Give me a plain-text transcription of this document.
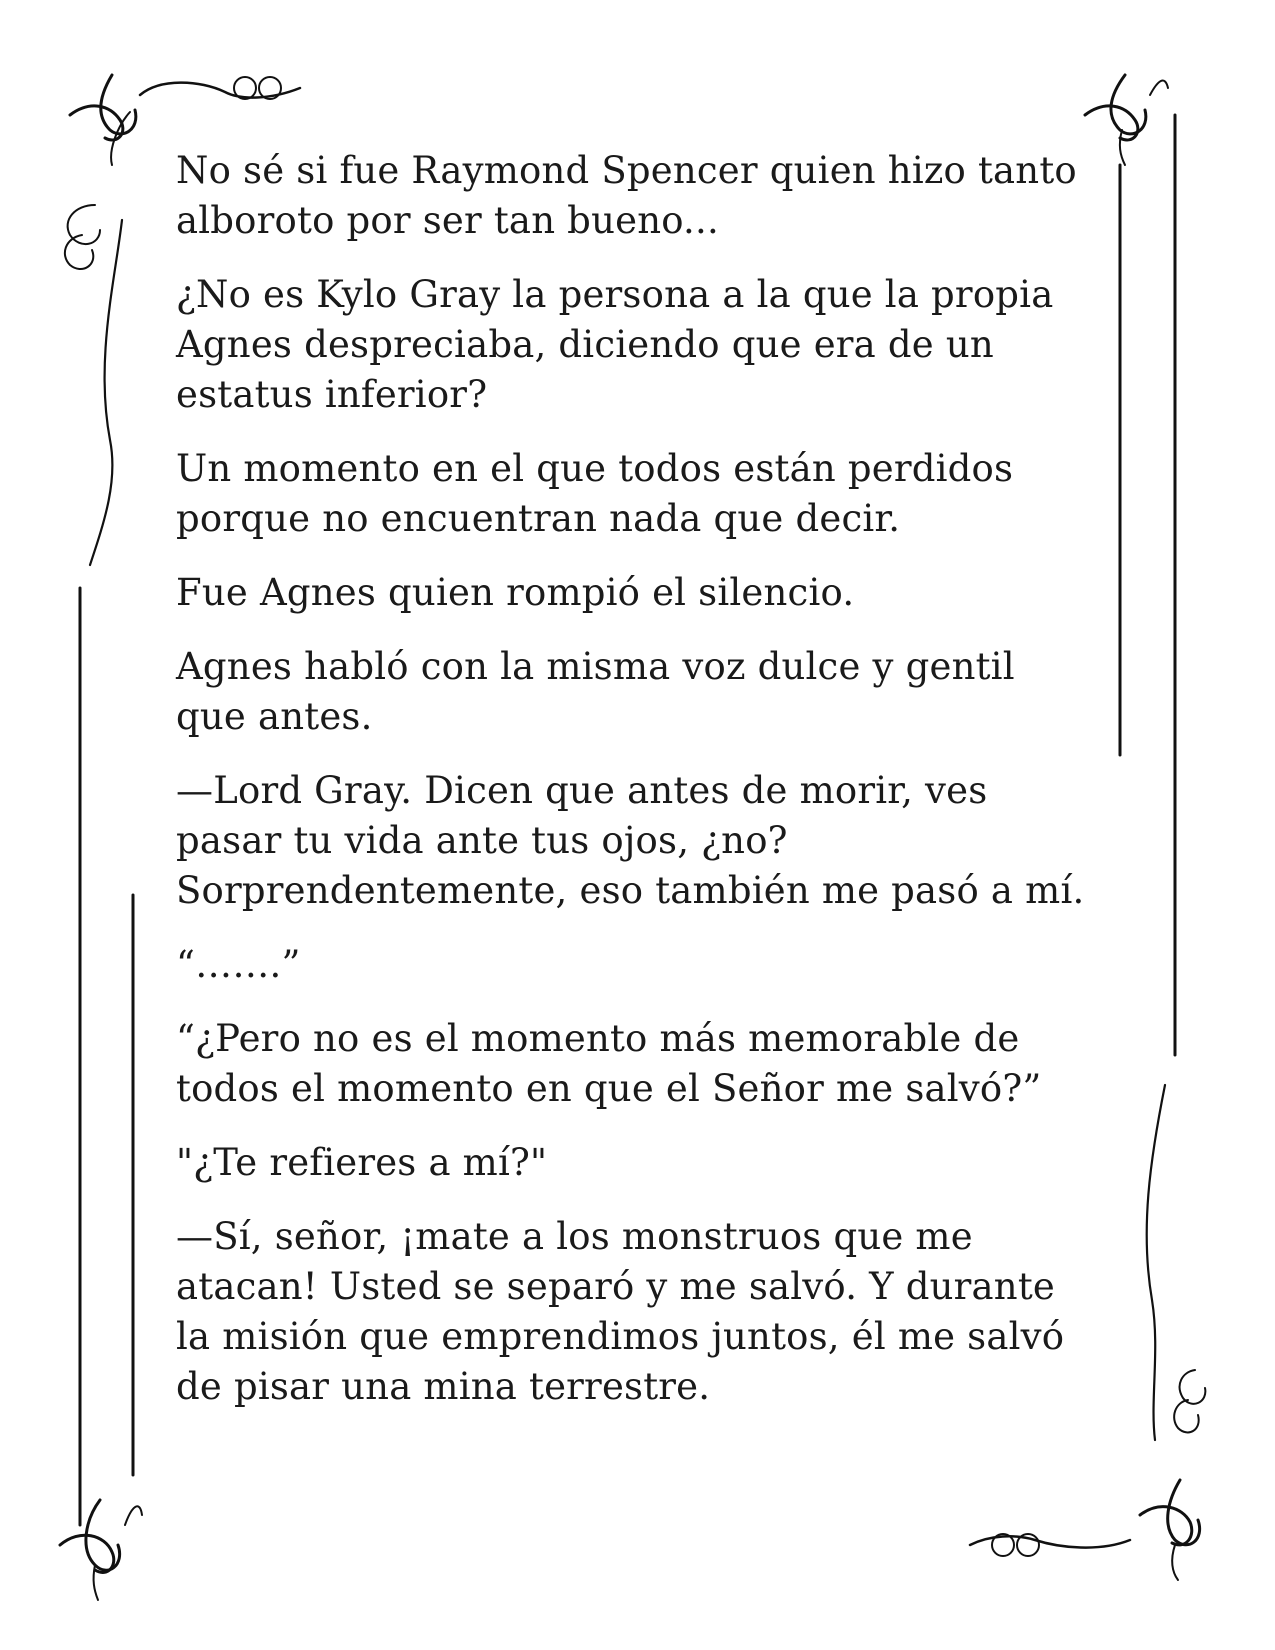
No sé si fue Raymond Spencer quien hizo tanto
alboroto por ser tan bueno...

¿No es Kylo Gray la persona a la que la propia
Agnes despreciaba, diciendo que era de un
estatus inferior?

Un momento en el que todos están perdidos
porque no encuentran nada que decir.

Fue Agnes quien rompió el silencio.

Agnes habló con la misma voz dulce y gentil
que antes.

—Lord Gray. Dicen que antes de morir, ves
pasar tu vida ante tus ojos, ¿no?
Sorprendentemente, eso también me pasó a mí.

“…….”

“¿Pero no es el momento más memorable de
todos el momento en que el Señor me salvó?”

"¿Te refieres a mí?"

—Sí, señor, ¡mate a los monstruos que me
atacan! Usted se separó y me salvó. Y durante
la misión que emprendimos juntos, él me salvó
de pisar una mina terrestre.
